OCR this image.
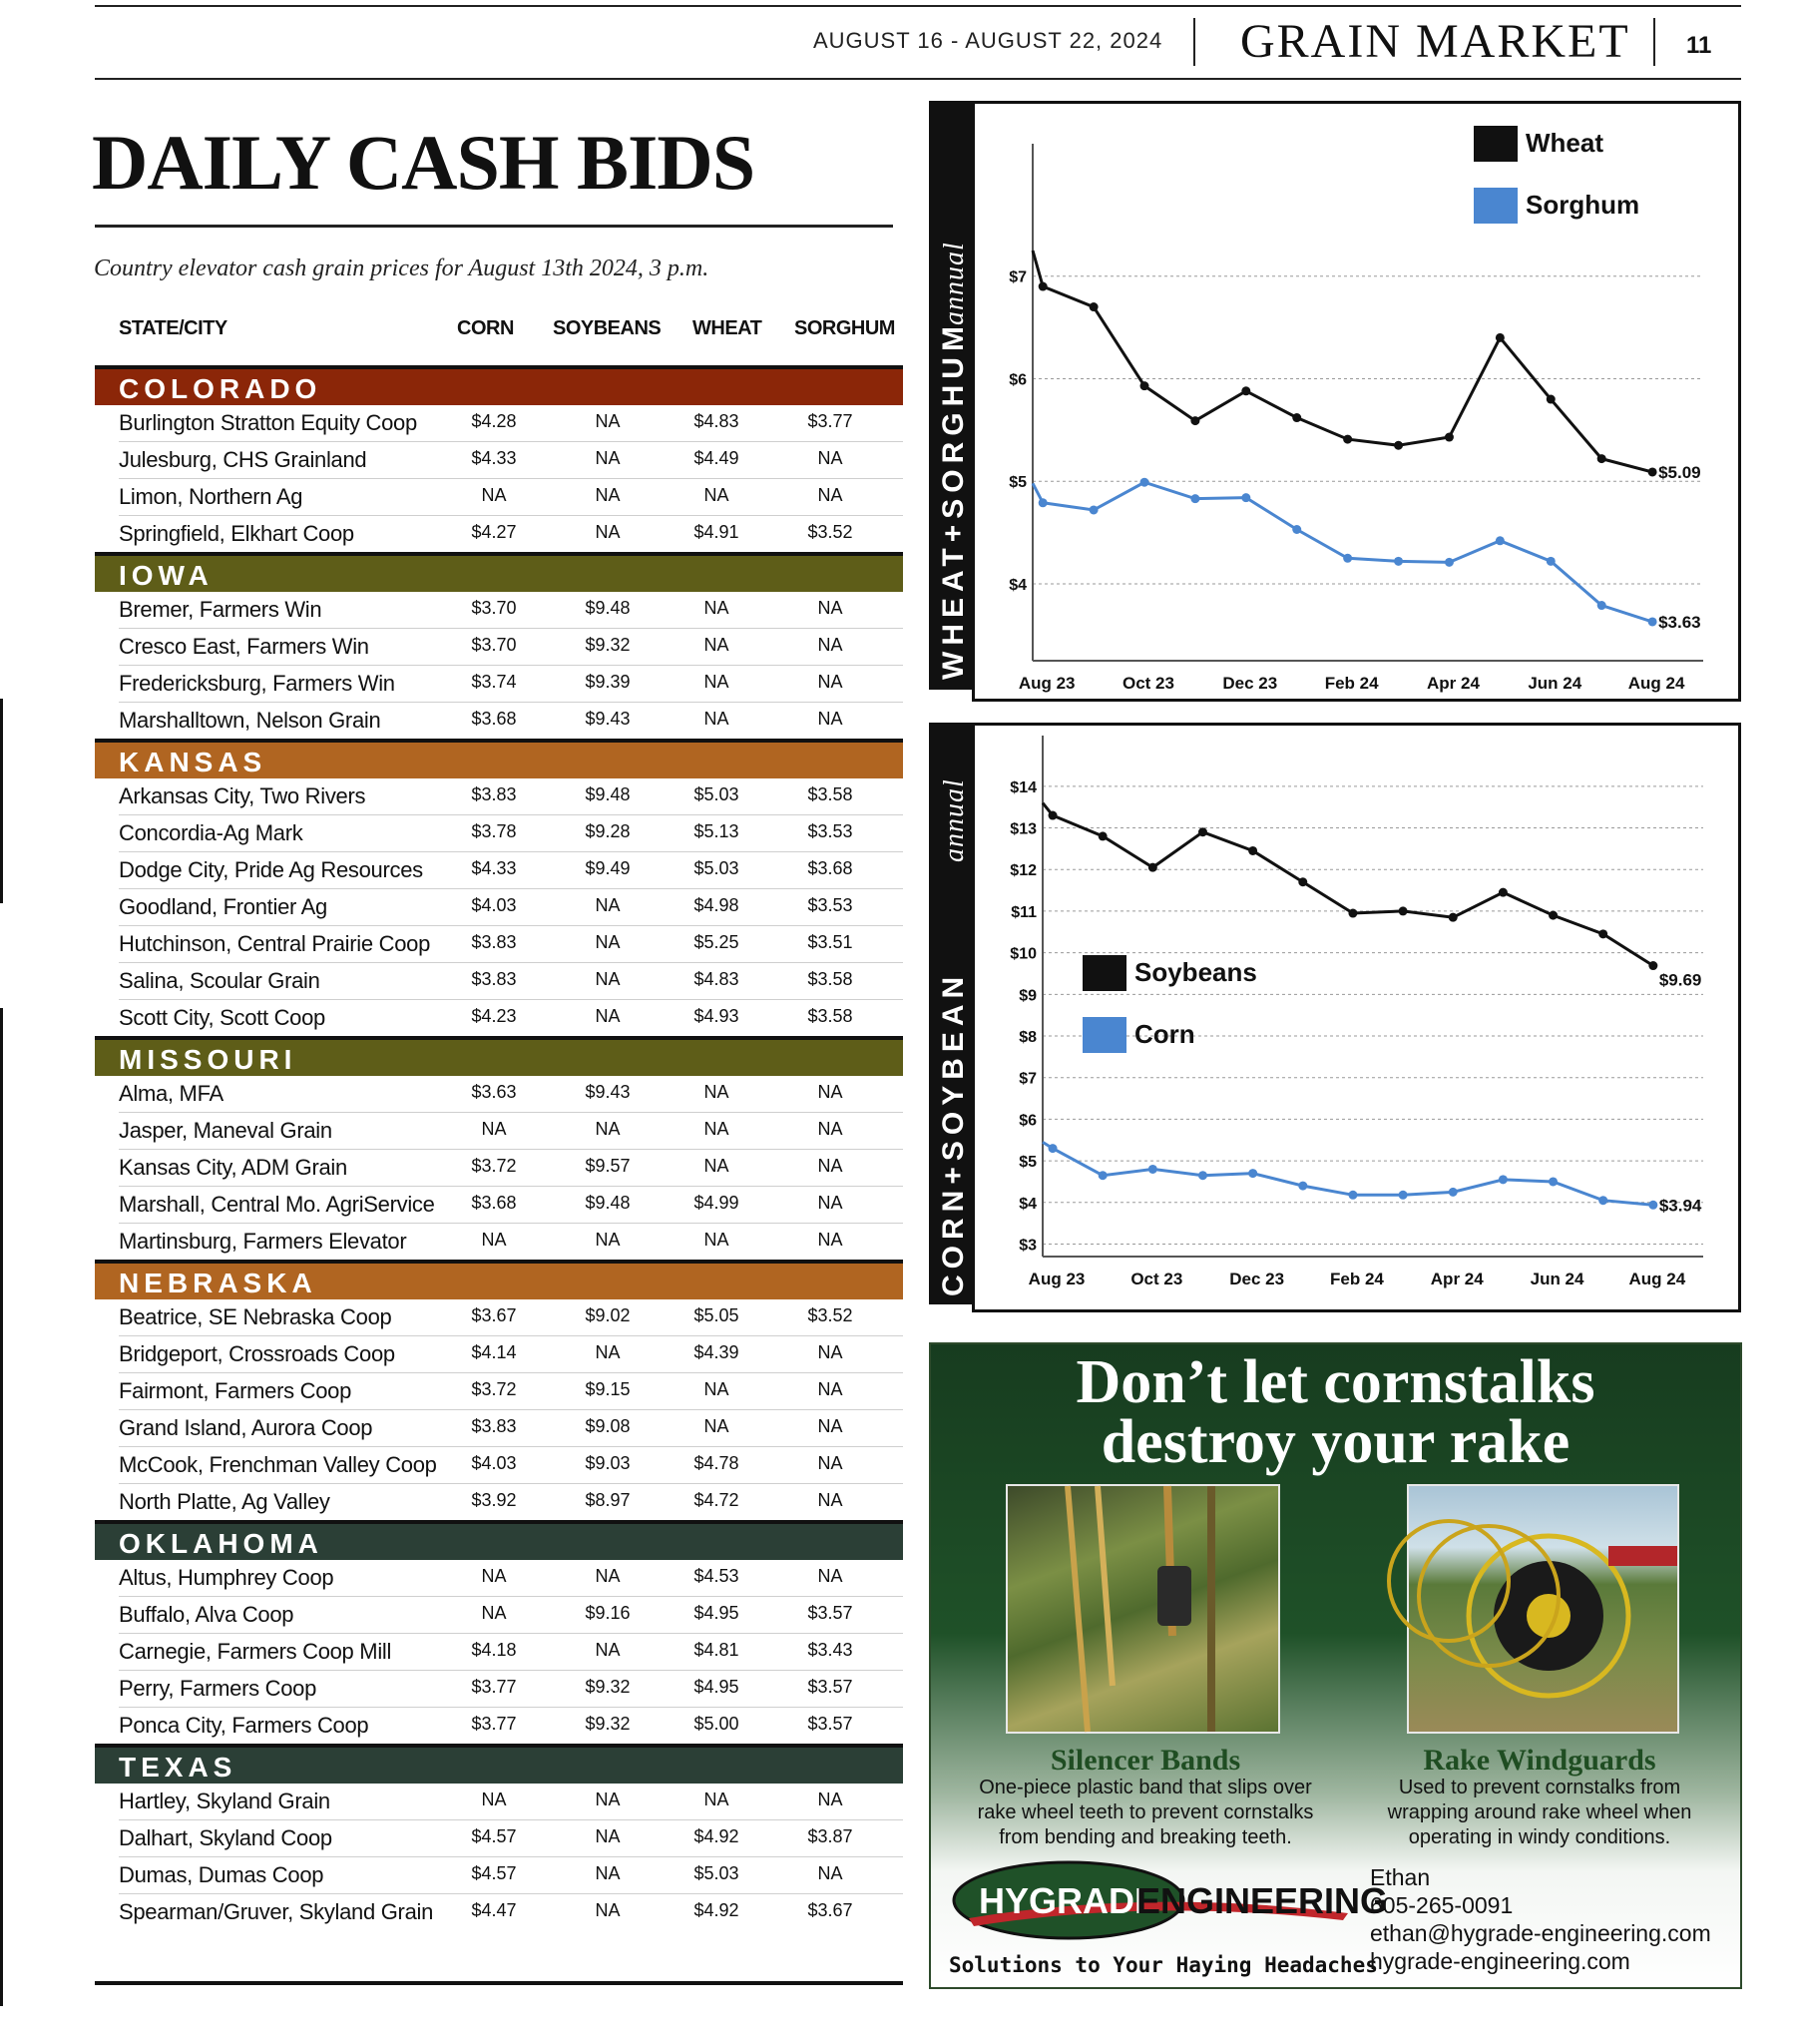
AUGUST 16 - AUGUST 22, 2024 GRAIN MARKET 11
DAILY CASH BIDS
Country elevator cash grain prices for August 13th 2024, 3 p.m.
STATE/CITY	CORN SOYBEANS WHEAT SORGHUM
COLORADO
Burlington Stratton Equity Coop	$4.28	NA	$4.83	$3.77
Julesburg, CHS Grainland	$4.33	NA	$4.49	NA
Limon, Northern Ag	NA	NA	NA	NA
Springfield, Elkhart Coop	$4.27	NA	$4.91	$3.52
IOWA
Bremer, Farmers Win	$3.70	$9.48	NA	NA
Cresco East, Farmers Win	$3.70	$9.32	NA	NA
Fredericksburg, Farmers Win	$3.74	$9.39	NA	NA
Marshalltown, Nelson Grain	$3.68	$9.43	NA	NA
KANSAS
Arkansas City, Two Rivers	$3.83	$9.48	$5.03	$3.58
Concordia-Ag Mark	$3.78	$9.28	$5.13	$3.53
Dodge City, Pride Ag Resources	$4.33	$9.49	$5.03	$3.68
Goodland, Frontier Ag	$4.03	NA	$4.98	$3.53
Hutchinson, Central Prairie Coop	$3.83	NA	$5.25	$3.51
Salina, Scoular Grain	$3.83	NA	$4.83	$3.58
Scott City, Scott Coop	$4.23	NA	$4.93	$3.58
MISSOURI
Alma, MFA	$3.63	$9.43	NA	NA
Jasper, Maneval Grain	NA	NA	NA	NA
Kansas City, ADM Grain	$3.72	$9.57	NA	NA
Marshall, Central Mo. AgriService	$3.68	$9.48	$4.99	NA
Martinsburg, Farmers Elevator	NA	NA	NA	NA
NEBRASKA
Beatrice, SE Nebraska Coop	$3.67	$9.02	$5.05	$3.52
Bridgeport, Crossroads Coop	$4.14	NA	$4.39	NA
Fairmont, Farmers Coop	$3.72	$9.15	NA	NA
Grand Island, Aurora Coop	$3.83	$9.08	NA	NA
McCook, Frenchman Valley Coop	$4.03	$9.03	$4.78	NA
North Platte, Ag Valley	$3.92	$8.97	$4.72	NA
OKLAHOMA
Altus, Humphrey Coop	NA	NA	$4.53	NA
Buffalo, Alva Coop	NA	$9.16	$4.95	$3.57
Carnegie, Farmers Coop Mill	$4.18	NA	$4.81	$3.43
Perry, Farmers Coop	$3.77	$9.32	$4.95	$3.57
Ponca City, Farmers Coop	$3.77	$9.32	$5.00	$3.57
TEXAS
Hartley, Skyland Grain	NA	NA	NA	NA
Dalhart, Skyland Coop	$4.57	NA	$4.92	$3.87
Dumas, Dumas Coop	$4.57	NA	$5.03	NA
Spearman/Gruver, Skyland Grain	$4.47	NA	$4.92	$3.67
WHEAT+SORGHUM
annual
$4
$5
$6
$7
Aug 23	Oct 23	Dec 23	Feb 24	Apr 24	Jun 24	Aug 24
$5.09
$3.63
Wheat
Sorghum
CORN+SOYBEAN
annual
$3
$4
$5
$6
$7
$8
$9
$10
$11
$12
$13
$14
Aug 23	Oct 23	Dec 23	Feb 24	Apr 24	Jun 24	Aug 24
$9.69
$3.94
Soybeans
Corn
Don’t let cornstalks
destroy your rake
Silencer Bands
One-piece plastic band that slips over
rake wheel teeth to prevent cornstalks
from bending and breaking teeth.
Rake Windguards
Used to prevent cornstalks from
wrapping around rake wheel when
operating in windy conditions.
HYGRADE
ENGINEERING
Solutions to Your Haying Headaches
Ethan
605-265-0091
ethan@hygrade-engineering.com
hygrade-engineering.com
